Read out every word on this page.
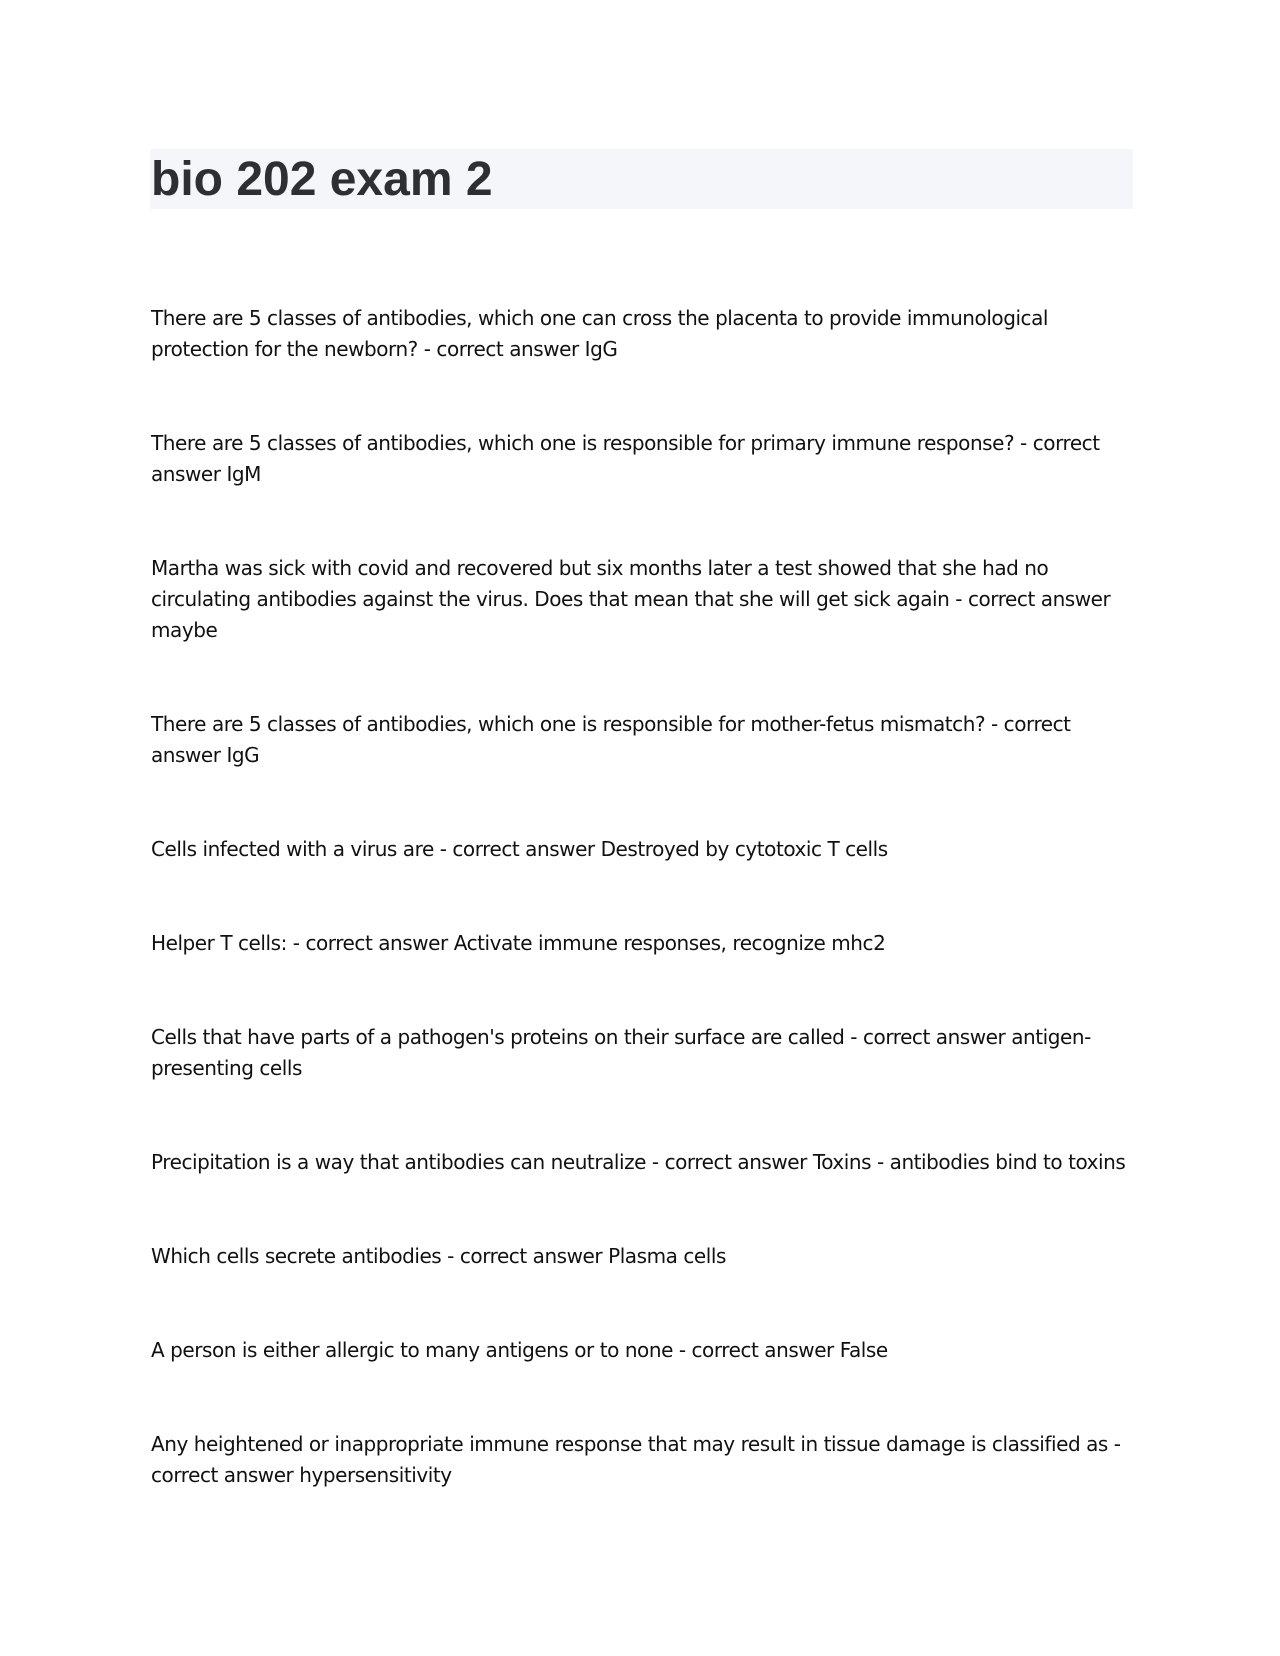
bio 202 exam 2
There are 5 classes of antibodies, which one can cross the placenta to provide immunological protection for the newborn? - correct answer IgG
There are 5 classes of antibodies, which one is responsible for primary immune response? - correct answer IgM
Martha was sick with covid and recovered but six months later a test showed that she had no circulating antibodies against the virus. Does that mean that she will get sick again - correct answer maybe
There are 5 classes of antibodies, which one is responsible for mother-fetus mismatch? - correct answer IgG
Cells infected with a virus are - correct answer Destroyed by cytotoxic T cells
Helper T cells: - correct answer Activate immune responses, recognize mhc2
Cells that have parts of a pathogen's proteins on their surface are called - correct answer antigen-presenting cells
Precipitation is a way that antibodies can neutralize - correct answer Toxins - antibodies bind to toxins
Which cells secrete antibodies - correct answer Plasma cells
A person is either allergic to many antigens or to none - correct answer False
Any heightened or inappropriate immune response that may result in tissue damage is classified as - correct answer hypersensitivity
